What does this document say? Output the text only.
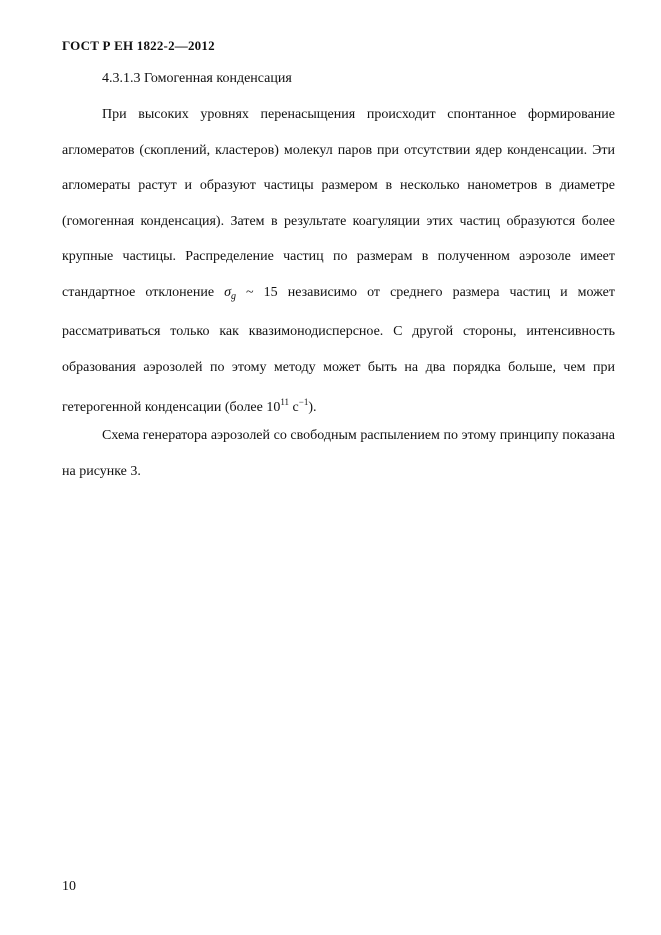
ГОСТ Р ЕН 1822-2—2012
4.3.1.3 Гомогенная конденсация

При высоких уровнях перенасыщения происходит спонтанное формирование агломератов (скоплений, кластеров) молекул паров при отсутствии ядер конденсации. Эти агломераты растут и образуют частицы размером в несколько нанометров в диаметре (гомогенная конденсация). Затем в результате коагуляции этих частиц образуются более крупные частицы. Распределение частиц по размерам в полученном аэрозоле имеет стандартное отклонение $\sigma_g$ ~ 15 независимо от среднего размера частиц и может рассматриваться только как квазимонодисперсное. С другой стороны, интенсивность образования аэрозолей по этому методу может быть на два порядка больше, чем при гетерогенной конденсации (более $10^{11}$ $с^{-1}$).

Схема генератора аэрозолей со свободным распылением по этому принципу показана на рисунке 3.

10
